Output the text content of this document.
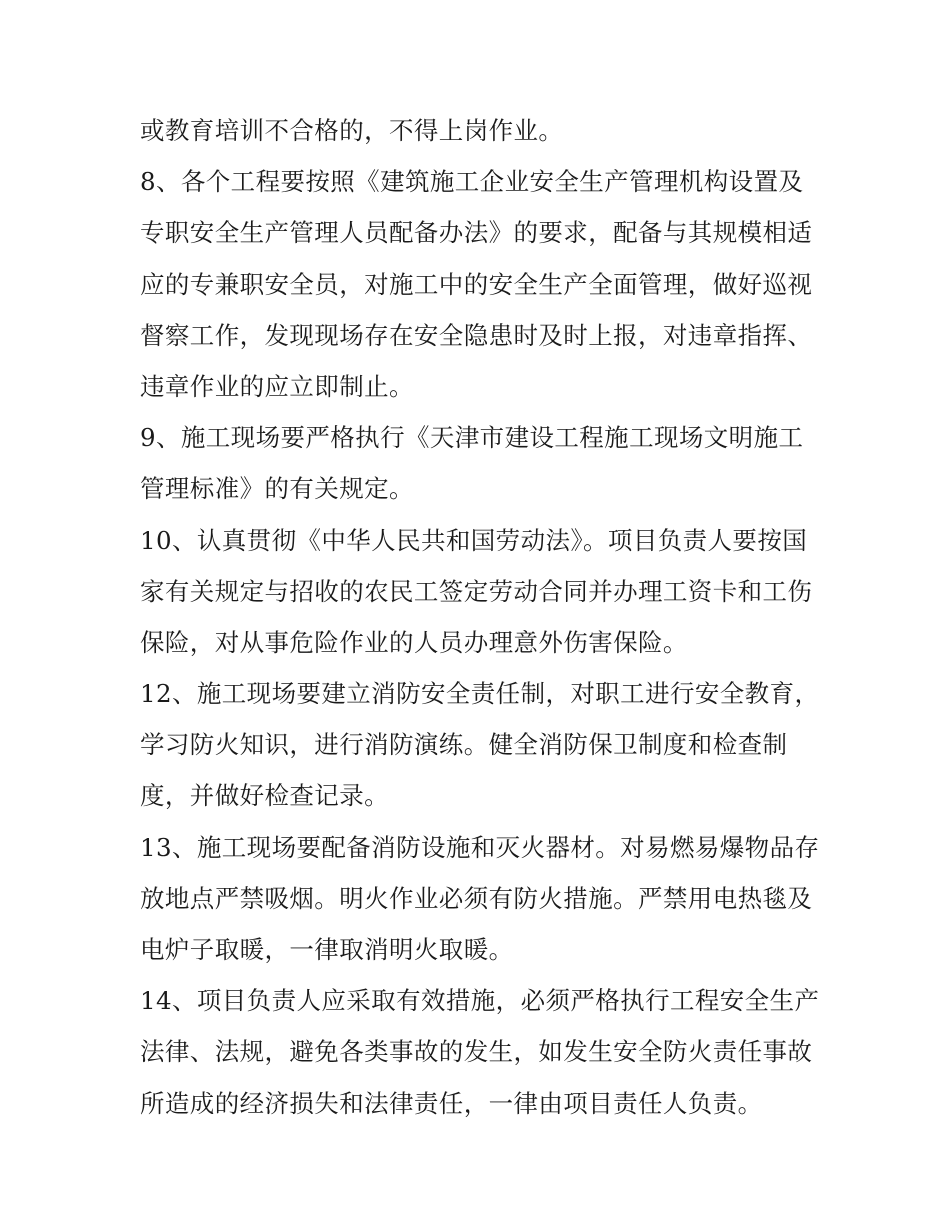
或教育培训不合格的，不得上岗作业。
8、各个工程要按照《建筑施工企业安全生产管理机构设置及
专职安全生产管理人员配备办法》的要求，配备与其规模相适
应的专兼职安全员，对施工中的安全生产全面管理，做好巡视
督察工作，发现现场存在安全隐患时及时上报，对违章指挥、
违章作业的应立即制止。
9、施工现场要严格执行《天津市建设工程施工现场文明施工
管理标准》的有关规定。
10、认真贯彻《中华人民共和国劳动法》。项目负责人要按国
家有关规定与招收的农民工签定劳动合同并办理工资卡和工伤
保险，对从事危险作业的人员办理意外伤害保险。
12、施工现场要建立消防安全责任制，对职工进行安全教育，
学习防火知识，进行消防演练。健全消防保卫制度和检查制
度，并做好检查记录。
13、施工现场要配备消防设施和灭火器材。对易燃易爆物品存
放地点严禁吸烟。明火作业必须有防火措施。严禁用电热毯及
电炉子取暖，一律取消明火取暖。
14、项目负责人应采取有效措施，必须严格执行工程安全生产
法律、法规，避免各类事故的发生，如发生安全防火责任事故
所造成的经济损失和法律责任，一律由项目责任人负责。
